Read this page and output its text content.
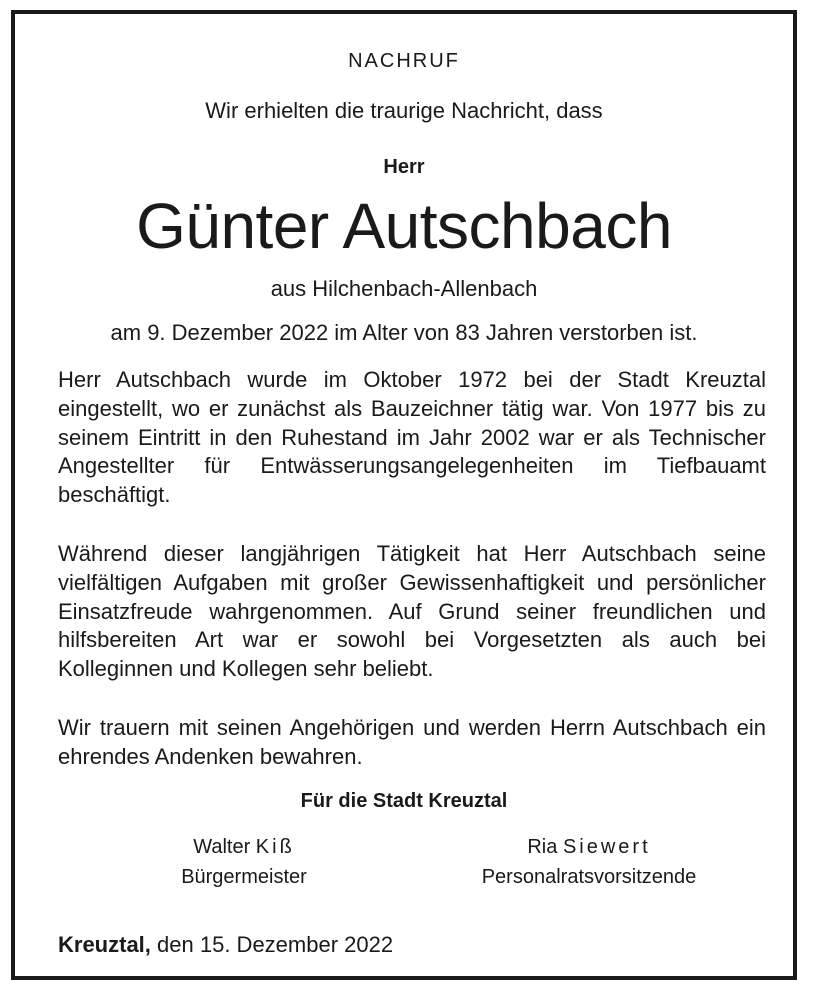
NACHRUF
Wir erhielten die traurige Nachricht, dass
Herr
Günter Autschbach
aus Hilchenbach-Allenbach
am 9. Dezember 2022 im Alter von 83 Jahren verstorben ist.

Herr Autschbach wurde im Oktober 1972 bei der Stadt Kreuztal eingestellt, wo er zunächst als Bauzeichner tätig war. Von 1977 bis zu seinem Eintritt in den Ruhestand im Jahr 2002 war er als Technischer Angestellter für Entwässerungsangelegenheiten im Tiefbauamt beschäftigt.

Während dieser langjährigen Tätigkeit hat Herr Autschbach seine vielfältigen Aufgaben mit großer Gewissenhaftigkeit und persönlicher Einsatzfreude wahrgenommen. Auf Grund seiner freundlichen und hilfsbereiten Art war er sowohl bei Vorgesetzten als auch bei Kolleginnen und Kollegen sehr beliebt.

Wir trauern mit seinen Angehörigen und werden Herrn Autschbach ein ehrendes Andenken bewahren.

Für die Stadt Kreuztal
Walter Kiß
Bürgermeister
Ria Siewert
Personalratsvorsitzende
Kreuztal, den 15. Dezember 2022
